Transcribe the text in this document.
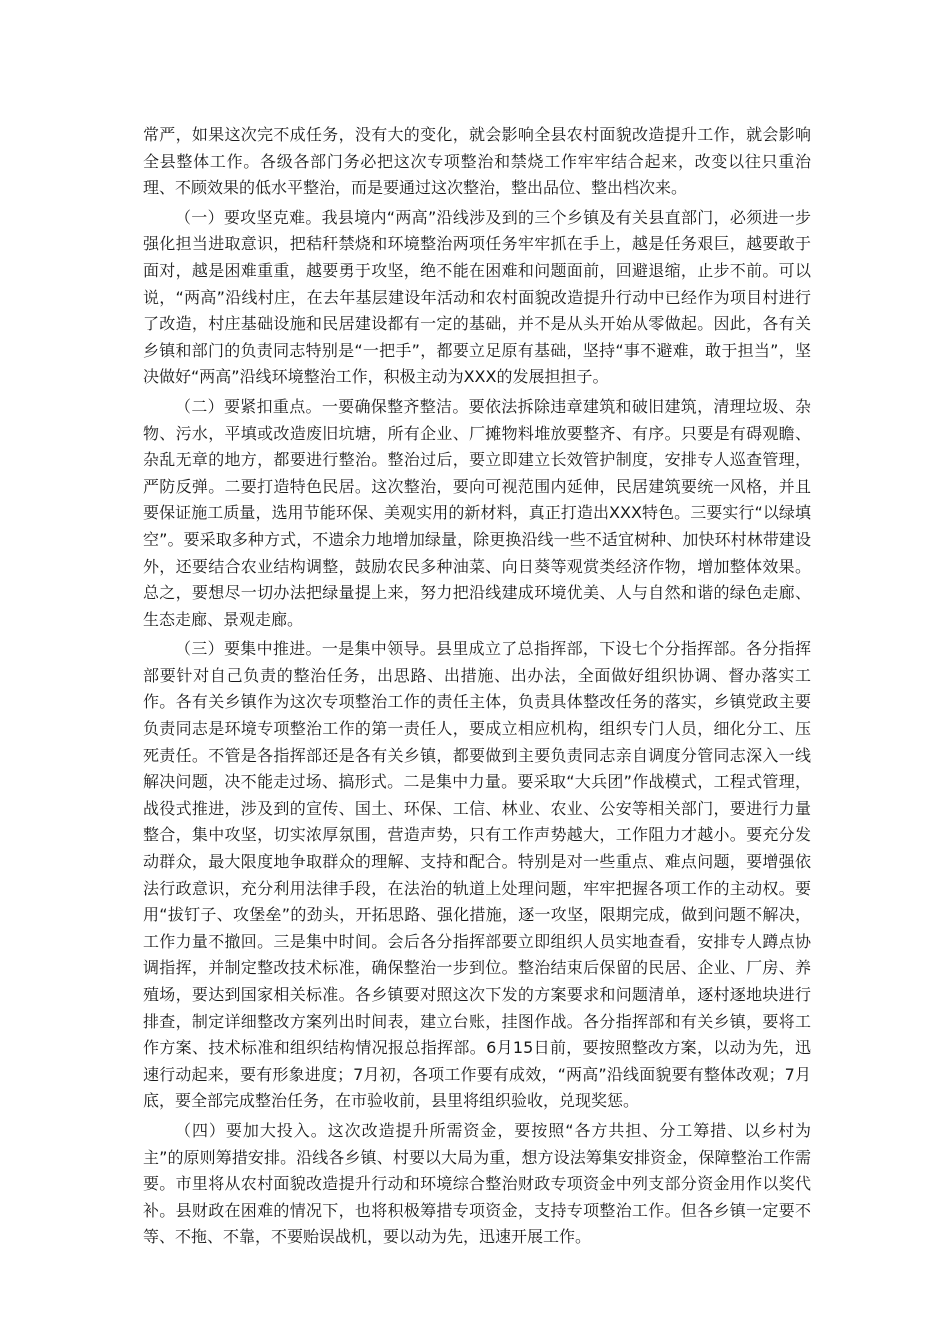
常严，如果这次完不成任务，没有大的变化，就会影响全县农村面貌改造提升工作，就会影响全县整体工作。各级各部门务必把这次专项整治和禁烧工作牢牢结合起来，改变以往只重治理、不顾效果的低水平整治，而是要通过这次整治，整出品位、整出档次来。

（一）要攻坚克难。我县境内“两高”沿线涉及到的三个乡镇及有关县直部门，必须进一步强化担当进取意识，把秸秆禁烧和环境整治两项任务牢牢抓在手上，越是任务艰巨，越要敢于面对，越是困难重重，越要勇于攻坚，绝不能在困难和问题面前，回避退缩，止步不前。可以说，“两高”沿线村庄，在去年基层建设年活动和农村面貌改造提升行动中已经作为项目村进行了改造，村庄基础设施和民居建设都有一定的基础，并不是从头开始从零做起。因此，各有关乡镇和部门的负责同志特别是“一把手”，都要立足原有基础，坚持“事不避难，敢于担当”，坚决做好“两高”沿线环境整治工作，积极主动为XXX的发展担担子。

（二）要紧扣重点。一要确保整齐整洁。要依法拆除违章建筑和破旧建筑，清理垃圾、杂物、污水，平填或改造废旧坑塘，所有企业、厂摊物料堆放要整齐、有序。只要是有碍观瞻、杂乱无章的地方，都要进行整治。整治过后，要立即建立长效管护制度，安排专人巡查管理，严防反弹。二要打造特色民居。这次整治，要向可视范围内延伸，民居建筑要统一风格，并且要保证施工质量，选用节能环保、美观实用的新材料，真正打造出XXX特色。三要实行“以绿填空”。要采取多种方式，不遗余力地增加绿量，除更换沿线一些不适宜树种、加快环村林带建设外，还要结合农业结构调整，鼓励农民多种油菜、向日葵等观赏类经济作物，增加整体效果。总之，要想尽一切办法把绿量提上来，努力把沿线建成环境优美、人与自然和谐的绿色走廊、生态走廊、景观走廊。

（三）要集中推进。一是集中领导。县里成立了总指挥部，下设七个分指挥部。各分指挥部要针对自己负责的整治任务，出思路、出措施、出办法，全面做好组织协调、督办落实工作。各有关乡镇作为这次专项整治工作的责任主体，负责具体整改任务的落实，乡镇党政主要负责同志是环境专项整治工作的第一责任人，要成立相应机构，组织专门人员，细化分工、压死责任。不管是各指挥部还是各有关乡镇，都要做到主要负责同志亲自调度分管同志深入一线解决问题，决不能走过场、搞形式。二是集中力量。要采取“大兵团”作战模式，工程式管理，战役式推进，涉及到的宣传、国土、环保、工信、林业、农业、公安等相关部门，要进行力量整合，集中攻坚，切实浓厚氛围，营造声势，只有工作声势越大，工作阻力才越小。要充分发动群众，最大限度地争取群众的理解、支持和配合。特别是对一些重点、难点问题，要增强依法行政意识，充分利用法律手段，在法治的轨道上处理问题，牢牢把握各项工作的主动权。要用“拔钉子、攻堡垒”的劲头，开拓思路、强化措施，逐一攻坚，限期完成，做到问题不解决，工作力量不撤回。三是集中时间。会后各分指挥部要立即组织人员实地查看，安排专人蹲点协调指挥，并制定整改技术标准，确保整治一步到位。整治结束后保留的民居、企业、厂房、养殖场，要达到国家相关标准。各乡镇要对照这次下发的方案要求和问题清单，逐村逐地块进行排查，制定详细整改方案列出时间表，建立台账，挂图作战。各分指挥部和有关乡镇，要将工作方案、技术标准和组织结构情况报总指挥部。6月15日前，要按照整改方案，以动为先，迅速行动起来，要有形象进度；7月初，各项工作要有成效，“两高”沿线面貌要有整体改观；7月底，要全部完成整治任务，在市验收前，县里将组织验收，兑现奖惩。

（四）要加大投入。这次改造提升所需资金，要按照“各方共担、分工筹措、以乡村为主”的原则筹措安排。沿线各乡镇、村要以大局为重，想方设法筹集安排资金，保障整治工作需要。市里将从农村面貌改造提升行动和环境综合整治财政专项资金中列支部分资金用作以奖代补。县财政在困难的情况下，也将积极筹措专项资金，支持专项整治工作。但各乡镇一定要不等、不拖、不靠，不要贻误战机，要以动为先，迅速开展工作。
